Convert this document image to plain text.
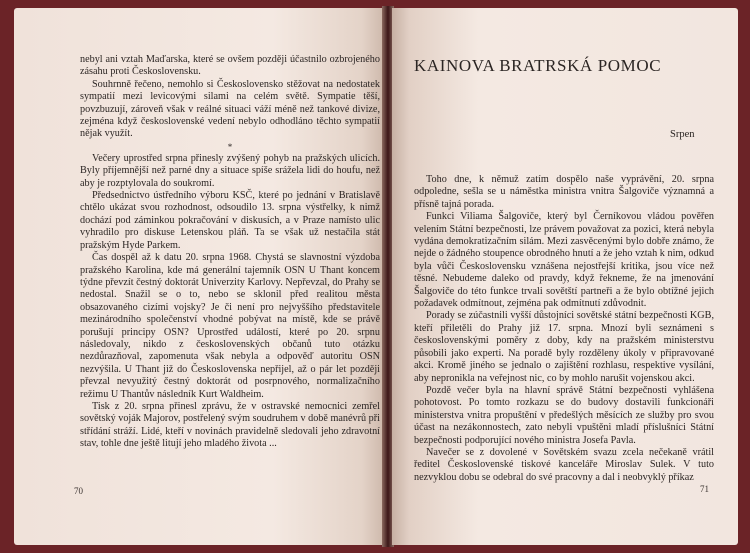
nebyl ani vztah Maďarska, které se ovšem později účastnilo ozbrojeného zásahu proti Československu.

Souhrnně řečeno, nemohlo si Československo stěžovat na nedostatek sympatií mezi levicovými silami na celém světě. Sympatie těší, povzbuzují, zároveň však v reálné situaci váží méně než tankové divize, zejména když československé vedení nebylo odhodláno těchto sympatií nějak využít.

*

Večery uprostřed srpna přinesly zvýšený pohyb na pražských ulicích. Byly příjemnější než parné dny a situace spíše srážela lidi do houfu, než aby je rozptylovala do soukromí.

Předsednictvo ústředního výboru KSČ, které po jednání v Bratislavě chtělo ukázat svou rozhodnost, odsoudilo 13. srpna výstřelky, k nimž dochází pod záminkou pokračování v diskusích, a v Praze namísto ulic vyhradilo pro diskuse Letenskou pláň. Ta se však už nestačila stát pražským Hyde Parkem.

Čas dospěl až k datu 20. srpna 1968. Chystá se slavnostní výzdoba pražského Karolina, kde má generální tajemník OSN U Thant koncem týdne převzít čestný doktorát Univerzity Karlovy. Nepřevzal, do Prahy se nedostal. Snažil se o to, nebo se sklonil před realitou města obsazovaného cizími vojsky? Je či není pro nejvyššího představitele mezinárodního společenství vhodné pobývat na místě, kde se právě porušují principy OSN? Uprostřed událostí, které po 20. srpnu následovaly, nikdo z československých občanů tuto otázku nezdůrazňoval, zapomenuta však nebyla a odpověď autoritu OSN nezvýšila. U Thant již do Československa nepřijel, až o pár let později převzal nevyužitý čestný doktorát od posrpnového, normalizačního režimu U Thantův následník Kurt Waldheim.

Tisk z 20. srpna přinesl zprávu, že v ostravské nemocnici zemřel sovětský voják Majorov, postřelený svým soudruhem v době manévrů při střídání stráží. Lidé, kteří v novinách pravidelně sledovali jeho zdravotní stav, tohle dne ještě litují jeho mladého života ...

70
KAINOVA BRATRSKÁ POMOC
Srpen

Toho dne, k němuž zatím dospělo naše vyprávění, 20. srpna odpoledne, sešla se u náměstka ministra vnitra Šalgoviče významná a přísně tajná porada.

Funkci Viliama Šalgoviče, který byl Černíkovou vládou pověřen velením Státní bezpečnosti, lze právem považovat za pozici, která nebyla vydána demokratizačním silám. Mezi zasvěcenými bylo dobře známo, že nejde o žádného stoupence obrodného hnutí a že jeho vztah k nim, odkud byla vůči Československu vznášena nejostřejší kritika, jsou více než těsné. Nebudeme daleko od pravdy, když řekneme, že na jmenování Šalgoviče do této funkce trvali sovětští partneři a že bylo obtížné jejich požadavek odmítnout, zejména pak odmítnutí zdůvodnit.

Porady se zúčastnili vyšší důstojníci sovětské státní bezpečnosti KGB, kteří přiletěli do Prahy již 17. srpna. Mnozí byli seznámeni s československými poměry z doby, kdy na pražském ministerstvu působili jako experti. Na poradě byly rozděleny úkoly v připravované akci. Kromě jiného se jednalo o zajištění rozhlasu, respektive vysílání, aby nepronikla na veřejnost nic, co by mohlo narušit vojenskou akci.

Pozdě večer byla na hlavní správě Státní bezpečnosti vyhlášena pohotovost. Po tomto rozkazu se do budovy dostavili funkcionáři ministerstva vnitra propuštění v předešlých měsících ze služby pro svou účast na nezákonnostech, zato nebyli vpuštěni mladí příslušníci Státní bezpečnosti podporující nového ministra Josefa Pavla.

Navečer se z dovolené v Sovětském svazu zcela nečekaně vrátil ředitel Československé tiskové kanceláře Miroslav Sulek. V tuto nezvyklou dobu se odebral do své pracovny a dal i neobvyklý příkaz

71
